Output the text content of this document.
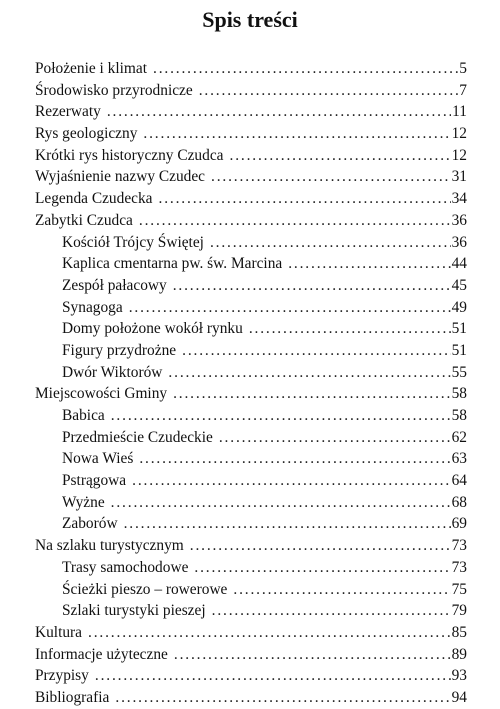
Spis treści
Położenie i klimat . . .	5
Środowisko przyrodnicze . . .	7
Rezerwaty . . .	11
Rys geologiczny . . .	12
Krótki rys historyczny Czudca . . .	12
Wyjaśnienie nazwy Czudec . . .	31
Legenda Czudecka . . .	34
Zabytki Czudca . . .	36
Kościół Trójcy Świętej . . .	36
Kaplica cmentarna pw. św. Marcina . . .	44
Zespół pałacowy . . .	45
Synagoga . . .	49
Domy położone wokół rynku . . .	51
Figury przydrożne . . .	51
Dwór Wiktorów . . .	55
Miejscowości Gminy . . .	58
Babica . . .	58
Przedmieście Czudeckie . . .	62
Nowa Wieś . . .	63
Pstrągowa . . .	64
Wyżne . . .	68
Zaborów . . .	69
Na szlaku turystycznym . . .	73
Trasy samochodowe . . .	73
Ścieżki pieszo – rowerowe . . .	75
Szlaki turystyki pieszej . . .	79
Kultura . . .	85
Informacje użyteczne . . .	89
Przypisy . . .	93
Bibliografia . . .	94
